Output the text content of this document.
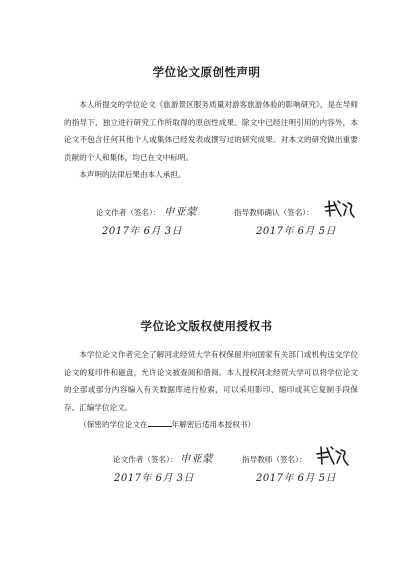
学位论文原创性声明

本人所提交的学位论文《旅游景区服务质量对游客旅游体验的影响研究》，是在导师的指导下，独立进行研究工作所取得的原创性成果。除文中已经注明引用的内容外，本论文不包含任何其他个人或集体已经发表或撰写过的研究成果。对本文的研究做出重要贡献的个人和集体，均已在文中标明。

本声明的法律后果由本人承担。

论文作者（签名）： 申亚蒙
2017年 6月 3日
指导教师确认（签名）：
2017年 6月 5日
学位论文版权使用授权书

本学位论文作者完全了解河北经贸大学有权保留并向国家有关部门或机构送交学位论文的复印件和磁盘，允许论文被查阅和借阅。本人授权河北经贸大学可以将学位论文的全部或部分内容编入有关数据库进行检索，可以采用影印、缩印或其它复制手段保存、汇编学位论文。

（保密的学位论文在	年解密后适用本授权书）

论文作者（签名）： 申亚蒙
2017年 6月 3日
指导教师（签名）：
2017年 6月 5日
